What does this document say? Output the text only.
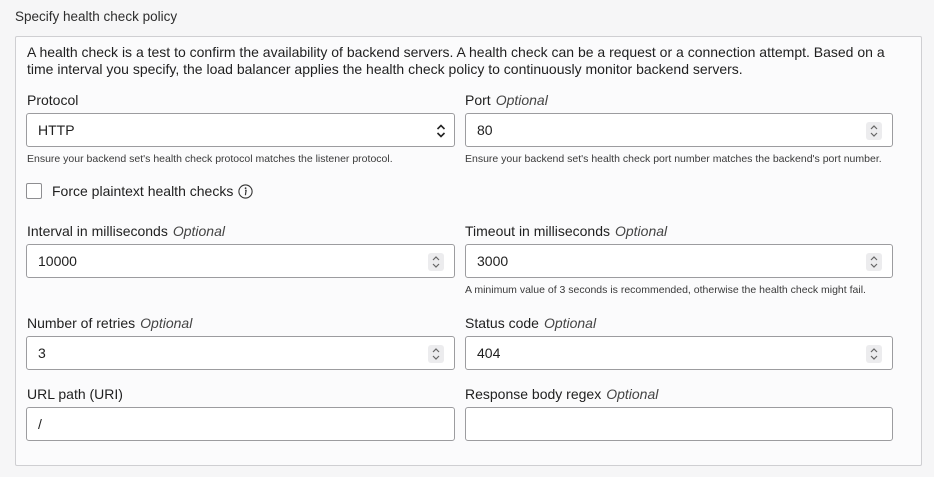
Specify health check policy
A health check is a test to confirm the availability of backend servers. A health check can be a request or a connection attempt. Based on a time interval you specify, the load balancer applies the health check policy to continuously monitor backend servers.
Protocol
HTTP
Ensure your backend set's health check protocol matches the listener protocol.
Port Optional
80
Ensure your backend set's health check port number matches the backend's port number.
Force plaintext health checks
Interval in milliseconds Optional
10000
Timeout in milliseconds Optional
3000
A minimum value of 3 seconds is recommended, otherwise the health check might fail.
Number of retries Optional
3
Status code Optional
404
URL path (URI)
/
Response body regex Optional
